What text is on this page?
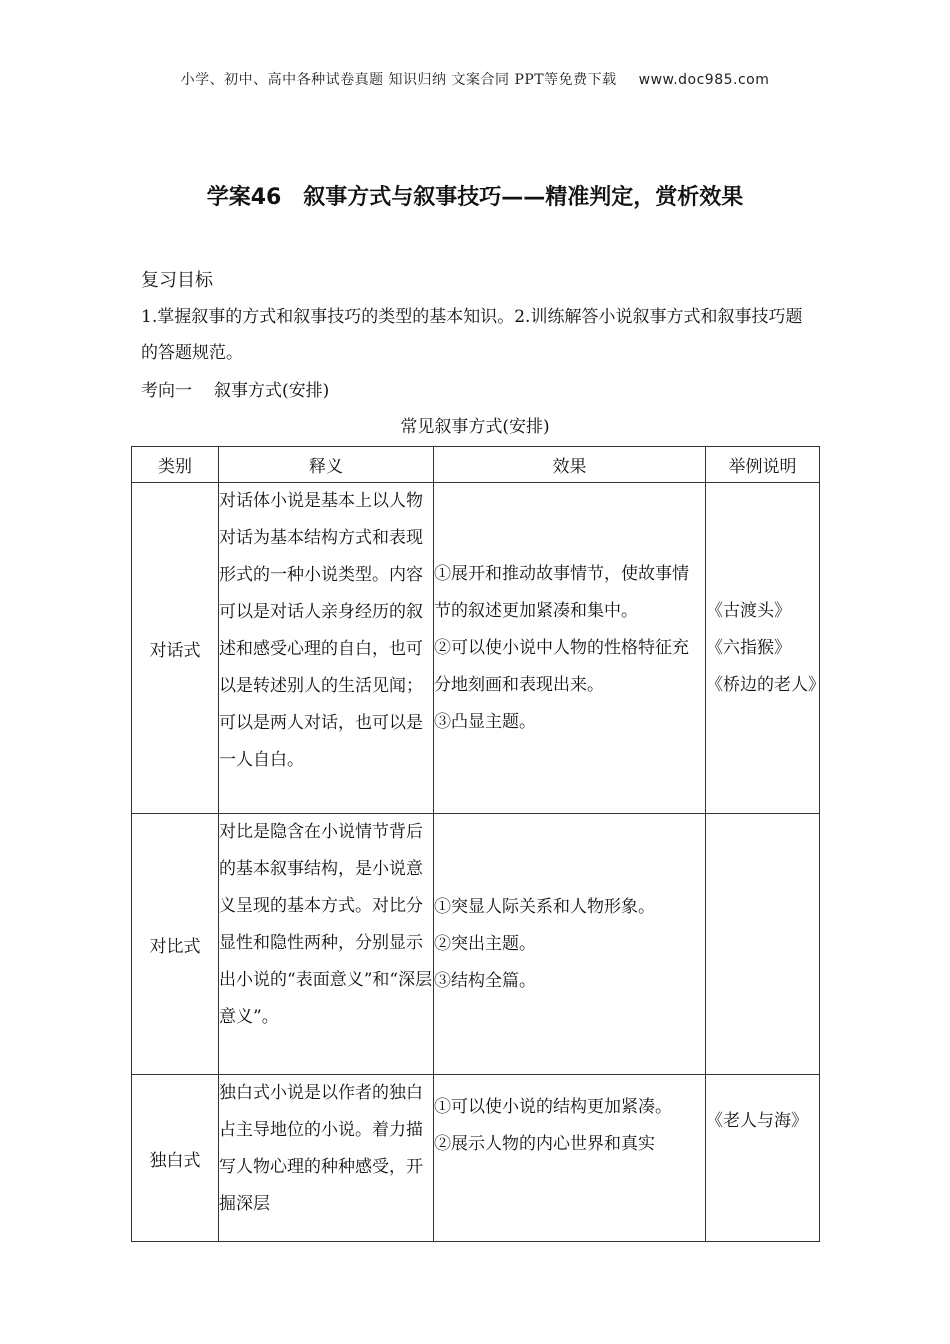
小学、初中、高中各种试卷真题 知识归纳 文案合同 PPT等免费下载 www.doc985.com
学案46　叙事方式与叙事技巧——精准判定，赏析效果
复习目标
1.掌握叙事的方式和叙事技巧的类型的基本知识。2.训练解答小说叙事方式和叙事技巧题的答题规范。
考向一 叙事方式(安排)
常见叙事方式(安排)
类别	释义	效果	举例说明
对话式	对话体小说是基本上以人物对话为基本结构方式和表现形式的一种小说类型。内容可以是对话人亲身经历的叙述和感受心理的自白，也可以是转述别人的生活见闻；可以是两人对话，也可以是一人自白。	①展开和推动故事情节，使故事情节的叙述更加紧凑和集中。
②可以使小说中人物的性格特征充分地刻画和表现出来。
③凸显主题。	《古渡头》
《六指猴》
《桥边的老人》

对比式	对比是隐含在小说情节背后的基本叙事结构，是小说意义呈现的基本方式。对比分显性和隐性两种，分别显示出小说的“表面意义”和“深层意义”。	①突显人际关系和人物形象。
②突出主题。
③结构全篇。	

独白式	独白式小说是以作者的独白占主导地位的小说。着力描写人物心理的种种感受，开掘深层	①可以使小说的结构更加紧凑。
②展示人物的内心世界和真实	《老人与海》
